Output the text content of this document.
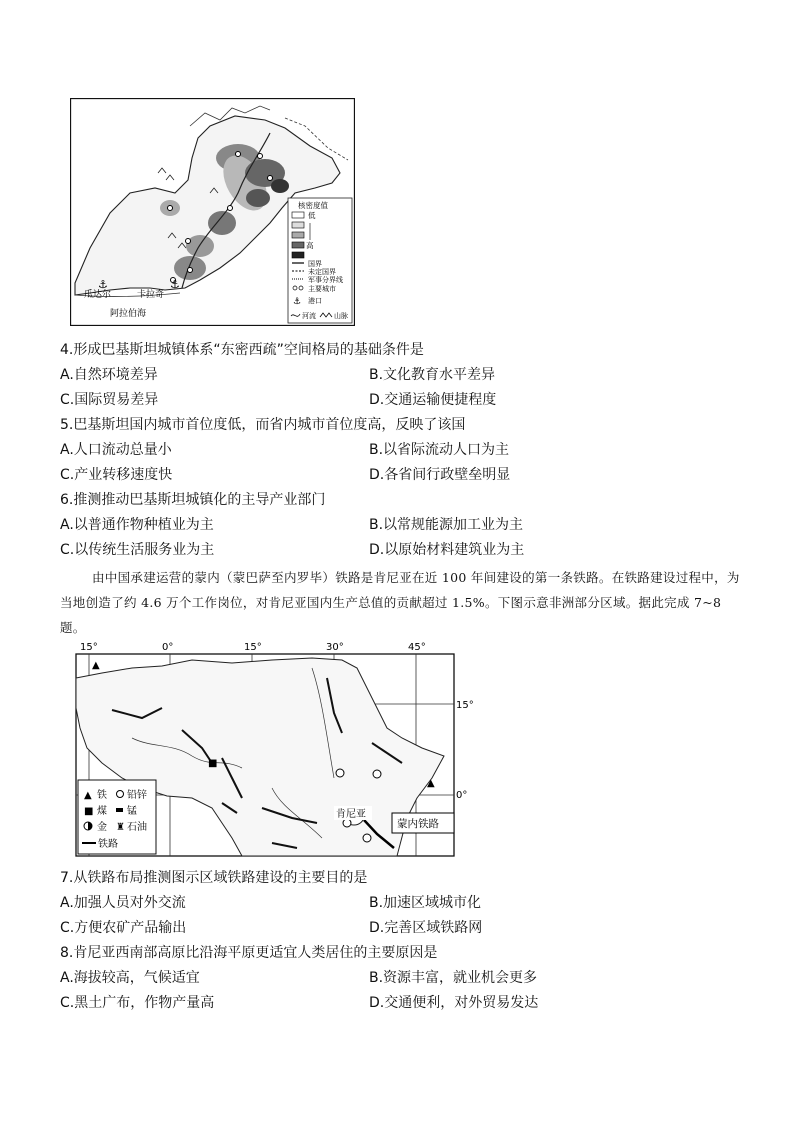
⚓	⚓
瓜达尔	卡拉奇
阿拉伯海
核密度值
低
高
国界
未定国界
军事分界线
主要城市
⚓ 港口
河流	山脉
4.形成巴基斯坦城镇体系“东密西疏”空间格局的基础条件是
A.自然环境差异	B.文化教育水平差异
C.国际贸易差异	D.交通运输便捷程度
5.巴基斯坦国内城市首位度低，而省内城市首位度高，反映了该国
A.人口流动总量小	B.以省际流动人口为主
C.产业转移速度快	D.各省间行政壁垒明显
6.推测推动巴基斯坦城镇化的主导产业部门
A.以普通作物种植业为主	B.以常规能源加工业为主
C.以传统生活服务业为主	D.以原始材料建筑业为主
由中国承建运营的蒙内（蒙巴萨至内罗毕）铁路是肯尼亚在近 100 年间建设的第一条铁路。在铁路建设过程中，为当地创造了约 4.6 万个工作岗位，对肯尼亚国内生产总值的贡献超过 1.5%。下图示意非洲部分区域。据此完成 7~8 题。
15°	0°	15°	30°	45°
15°
0°
▲
■
▲
肯尼亚
蒙内铁路
▲ 铁 铅锌
■ 煤 锰
金 ♜ 石油
铁路
7.从铁路布局推测图示区域铁路建设的主要目的是
A.加强人员对外交流	B.加速区域城市化
C.方便农矿产品输出	D.完善区域铁路网
8.肯尼亚西南部高原比沿海平原更适宜人类居住的主要原因是
A.海拔较高，气候适宜	B.资源丰富，就业机会更多
C.黑土广布，作物产量高	D.交通便利，对外贸易发达
